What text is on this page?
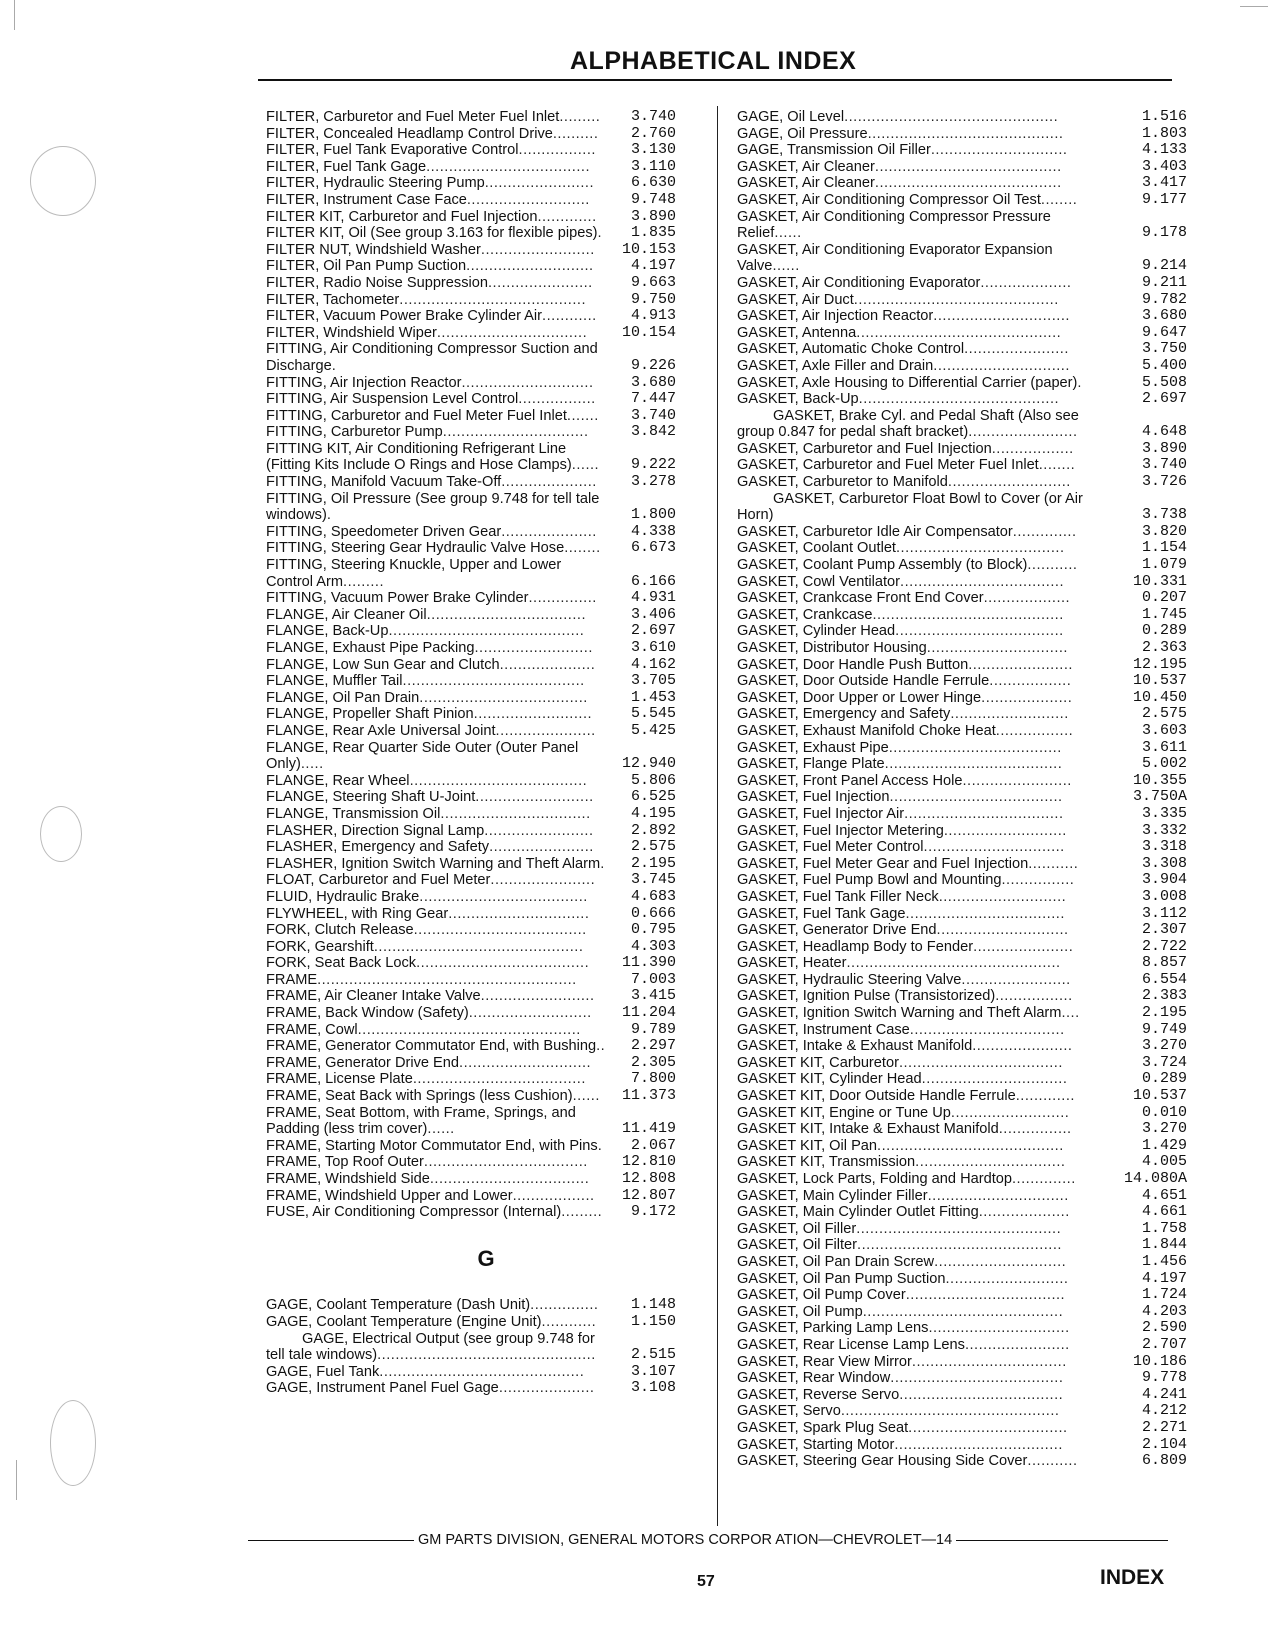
ALPHABETICAL INDEX
FILTER, Carburetor and Fuel Meter Fuel Inlet.........	3.740
FILTER, Concealed Headlamp Control Drive..........	2.760
FILTER, Fuel Tank Evaporative Control.................	3.130
FILTER, Fuel Tank Gage....................................	3.110
FILTER, Hydraulic Steering Pump........................	6.630
FILTER, Instrument Case Face...........................	9.748
FILTER KIT, Carburetor and Fuel Injection.............	3.890
FILTER KIT, Oil (See group 3.163 for flexible pipes).	1.835
FILTER NUT, Windshield Washer.........................	10.153
FILTER, Oil Pan Pump Suction............................	4.197
FILTER, Radio Noise Suppression.......................	9.663
FILTER, Tachometer.........................................	9.750
FILTER, Vacuum Power Brake Cylinder Air............	4.913
FILTER, Windshield Wiper.................................	10.154
FITTING, Air Conditioning Compressor Suction and Discharge.	9.226
FITTING, Air Injection Reactor.............................	3.680
FITTING, Air Suspension Level Control.................	7.447
FITTING, Carburetor and Fuel Meter Fuel Inlet.......	3.740
FITTING, Carburetor Pump................................	3.842
FITTING KIT, Air Conditioning Refrigerant Line (Fitting Kits Include O Rings and Hose Clamps)......	9.222
FITTING, Manifold Vacuum Take-Off.....................	3.278
FITTING, Oil Pressure (See group 9.748 for tell tale windows).	1.800
FITTING, Speedometer Driven Gear.....................	4.338
FITTING, Steering Gear Hydraulic Valve Hose........	6.673
FITTING, Steering Knuckle, Upper and Lower Control Arm.........	6.166
FITTING, Vacuum Power Brake Cylinder...............	4.931
FLANGE, Air Cleaner Oil...................................	3.406
FLANGE, Back-Up...........................................	2.697
FLANGE, Exhaust Pipe Packing..........................	3.610
FLANGE, Low Sun Gear and Clutch.....................	4.162
FLANGE, Muffler Tail........................................	3.705
FLANGE, Oil Pan Drain.....................................	1.453
FLANGE, Propeller Shaft Pinion..........................	5.545
FLANGE, Rear Axle Universal Joint......................	5.425
FLANGE, Rear Quarter Side Outer (Outer Panel Only).....	12.940
FLANGE, Rear Wheel.......................................	5.806
FLANGE, Steering Shaft U-Joint..........................	6.525
FLANGE, Transmission Oil.................................	4.195
FLASHER, Direction Signal Lamp........................	2.892
FLASHER, Emergency and Safety.......................	2.575
FLASHER, Ignition Switch Warning and Theft Alarm.	2.195
FLOAT, Carburetor and Fuel Meter.......................	3.745
FLUID, Hydraulic Brake.....................................	4.683
FLYWHEEL, with Ring Gear...............................	0.666
FORK, Clutch Release......................................	0.795
FORK, Gearshift..............................................	4.303
FORK, Seat Back Lock......................................	11.390
FRAME.........................................................	7.003
FRAME, Air Cleaner Intake Valve.........................	3.415
FRAME, Back Window (Safety)...........................	11.204
FRAME, Cowl.................................................	9.789
FRAME, Generator Commutator End, with Bushing..	2.297
FRAME, Generator Drive End.............................	2.305
FRAME, License Plate......................................	7.800
FRAME, Seat Back with Springs (less Cushion)......	11.373
FRAME, Seat Bottom, with Frame, Springs, and Padding (less trim cover)......	11.419
FRAME, Starting Motor Commutator End, with Pins.	2.067
FRAME, Top Roof Outer....................................	12.810
FRAME, Windshield Side...................................	12.808
FRAME, Windshield Upper and Lower..................	12.807
FUSE, Air Conditioning Compressor (Internal).........	9.172
G
GAGE, Coolant Temperature (Dash Unit)...............	1.148
GAGE, Coolant Temperature (Engine Unit)............	1.150
GAGE, Electrical Output (see group 9.748 for tell tale windows)................................................	2.515
GAGE, Fuel Tank.............................................	3.107
GAGE, Instrument Panel Fuel Gage.....................	3.108
GAGE, Oil Level...............................................	1.516
GAGE, Oil Pressure...........................................	1.803
GAGE, Transmission Oil Filler..............................	4.133
GASKET, Air Cleaner.........................................	3.403
GASKET, Air Cleaner.........................................	3.417
GASKET, Air Conditioning Compressor Oil Test........	9.177
GASKET, Air Conditioning Compressor Pressure Relief......	9.178
GASKET, Air Conditioning Evaporator Expansion Valve......	9.214
GASKET, Air Conditioning Evaporator....................	9.211
GASKET, Air Duct.............................................	9.782
GASKET, Air Injection Reactor..............................	3.680
GASKET, Antenna.............................................	9.647
GASKET, Automatic Choke Control.......................	3.750
GASKET, Axle Filler and Drain..............................	5.400
GASKET, Axle Housing to Differential Carrier (paper).	5.508
GASKET, Back-Up............................................	2.697
GASKET, Brake Cyl. and Pedal Shaft (Also see group 0.847 for pedal shaft bracket)........................	4.648
GASKET, Carburetor and Fuel Injection..................	3.890
GASKET, Carburetor and Fuel Meter Fuel Inlet........	3.740
GASKET, Carburetor to Manifold...........................	3.726
GASKET, Carburetor Float Bowl to Cover (or Air Horn)	3.738
GASKET, Carburetor Idle Air Compensator..............	3.820
GASKET, Coolant Outlet.....................................	1.154
GASKET, Coolant Pump Assembly (to Block)...........	1.079
GASKET, Cowl Ventilator....................................	10.331
GASKET, Crankcase Front End Cover...................	0.207
GASKET, Crankcase..........................................	1.745
GASKET, Cylinder Head.....................................	0.289
GASKET, Distributor Housing...............................	2.363
GASKET, Door Handle Push Button.......................	12.195
GASKET, Door Outside Handle Ferrule..................	10.537
GASKET, Door Upper or Lower Hinge....................	10.450
GASKET, Emergency and Safety..........................	2.575
GASKET, Exhaust Manifold Choke Heat.................	3.603
GASKET, Exhaust Pipe......................................	3.611
GASKET, Flange Plate.......................................	5.002
GASKET, Front Panel Access Hole........................	10.355
GASKET, Fuel Injection......................................	3.750A
GASKET, Fuel Injector Air...................................	3.335
GASKET, Fuel Injector Metering...........................	3.332
GASKET, Fuel Meter Control...............................	3.318
GASKET, Fuel Meter Gear and Fuel Injection...........	3.308
GASKET, Fuel Pump Bowl and Mounting................	3.904
GASKET, Fuel Tank Filler Neck............................	3.008
GASKET, Fuel Tank Gage...................................	3.112
GASKET, Generator Drive End.............................	2.307
GASKET, Headlamp Body to Fender......................	2.722
GASKET, Heater...............................................	8.857
GASKET, Hydraulic Steering Valve........................	6.554
GASKET, Ignition Pulse (Transistorized).................	2.383
GASKET, Ignition Switch Warning and Theft Alarm....	2.195
GASKET, Instrument Case..................................	9.749
GASKET, Intake & Exhaust Manifold......................	3.270
GASKET KIT, Carburetor....................................	3.724
GASKET KIT, Cylinder Head................................	0.289
GASKET KIT, Door Outside Handle Ferrule.............	10.537
GASKET KIT, Engine or Tune Up..........................	0.010
GASKET KIT, Intake & Exhaust Manifold................	3.270
GASKET KIT, Oil Pan.........................................	1.429
GASKET KIT, Transmission.................................	4.005
GASKET, Lock Parts, Folding and Hardtop..............	14.080A
GASKET, Main Cylinder Filler...............................	4.651
GASKET, Main Cylinder Outlet Fitting....................	4.661
GASKET, Oil Filler.............................................	1.758
GASKET, Oil Filter.............................................	1.844
GASKET, Oil Pan Drain Screw.............................	1.456
GASKET, Oil Pan Pump Suction...........................	4.197
GASKET, Oil Pump Cover...................................	1.724
GASKET, Oil Pump............................................	4.203
GASKET, Parking Lamp Lens...............................	2.590
GASKET, Rear License Lamp Lens.......................	2.707
GASKET, Rear View Mirror..................................	10.186
GASKET, Rear Window......................................	9.778
GASKET, Reverse Servo....................................	4.241
GASKET, Servo................................................	4.212
GASKET, Spark Plug Seat...................................	2.271
GASKET, Starting Motor.....................................	2.104
GASKET, Steering Gear Housing Side Cover...........	6.809
GM PARTS DIVISION, GENERAL MOTORS CORPOR ATION—CHEVROLET—14
57	INDEX
